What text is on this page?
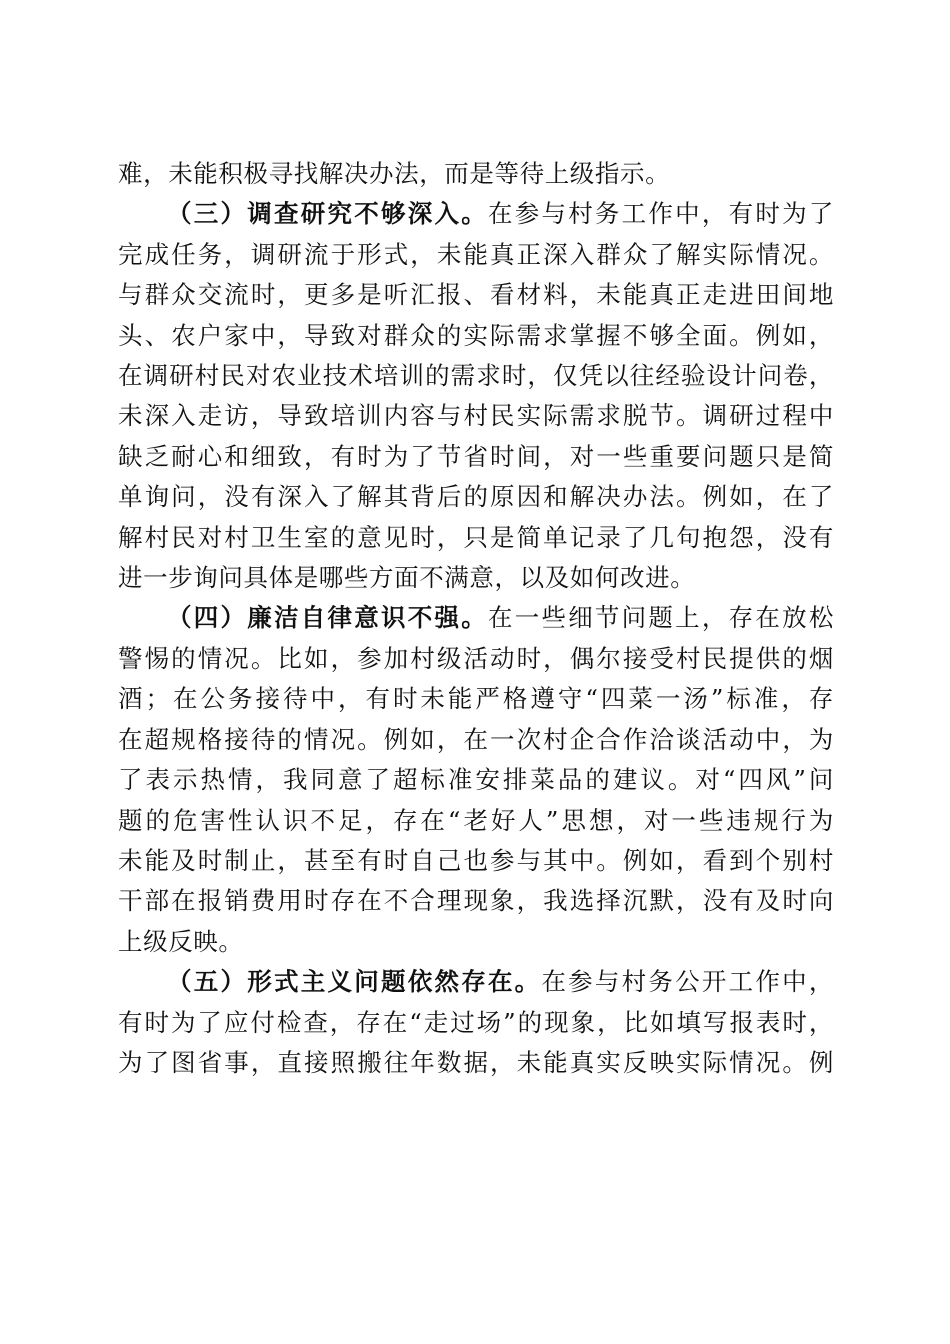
难，未能积极寻找解决办法，而是等待上级指示。
（三）调查研究不够深入。在参与村务工作中，有时为了
完成任务，调研流于形式，未能真正深入群众了解实际情况。
与群众交流时，更多是听汇报、看材料，未能真正走进田间地
头、农户家中，导致对群众的实际需求掌握不够全面。例如，
在调研村民对农业技术培训的需求时，仅凭以往经验设计问卷，
未深入走访，导致培训内容与村民实际需求脱节。调研过程中
缺乏耐心和细致，有时为了节省时间，对一些重要问题只是简
单询问，没有深入了解其背后的原因和解决办法。例如，在了
解村民对村卫生室的意见时，只是简单记录了几句抱怨，没有
进一步询问具体是哪些方面不满意，以及如何改进。
（四）廉洁自律意识不强。在一些细节问题上，存在放松
警惕的情况。比如，参加村级活动时，偶尔接受村民提供的烟
酒；在公务接待中，有时未能严格遵守“四菜一汤”标准，存
在超规格接待的情况。例如，在一次村企合作洽谈活动中，为
了表示热情，我同意了超标准安排菜品的建议。对“四风”问
题的危害性认识不足，存在“老好人”思想，对一些违规行为
未能及时制止，甚至有时自己也参与其中。例如，看到个别村
干部在报销费用时存在不合理现象，我选择沉默，没有及时向
上级反映。
（五）形式主义问题依然存在。在参与村务公开工作中，
有时为了应付检查，存在“走过场”的现象，比如填写报表时，
为了图省事，直接照搬往年数据，未能真实反映实际情况。例
